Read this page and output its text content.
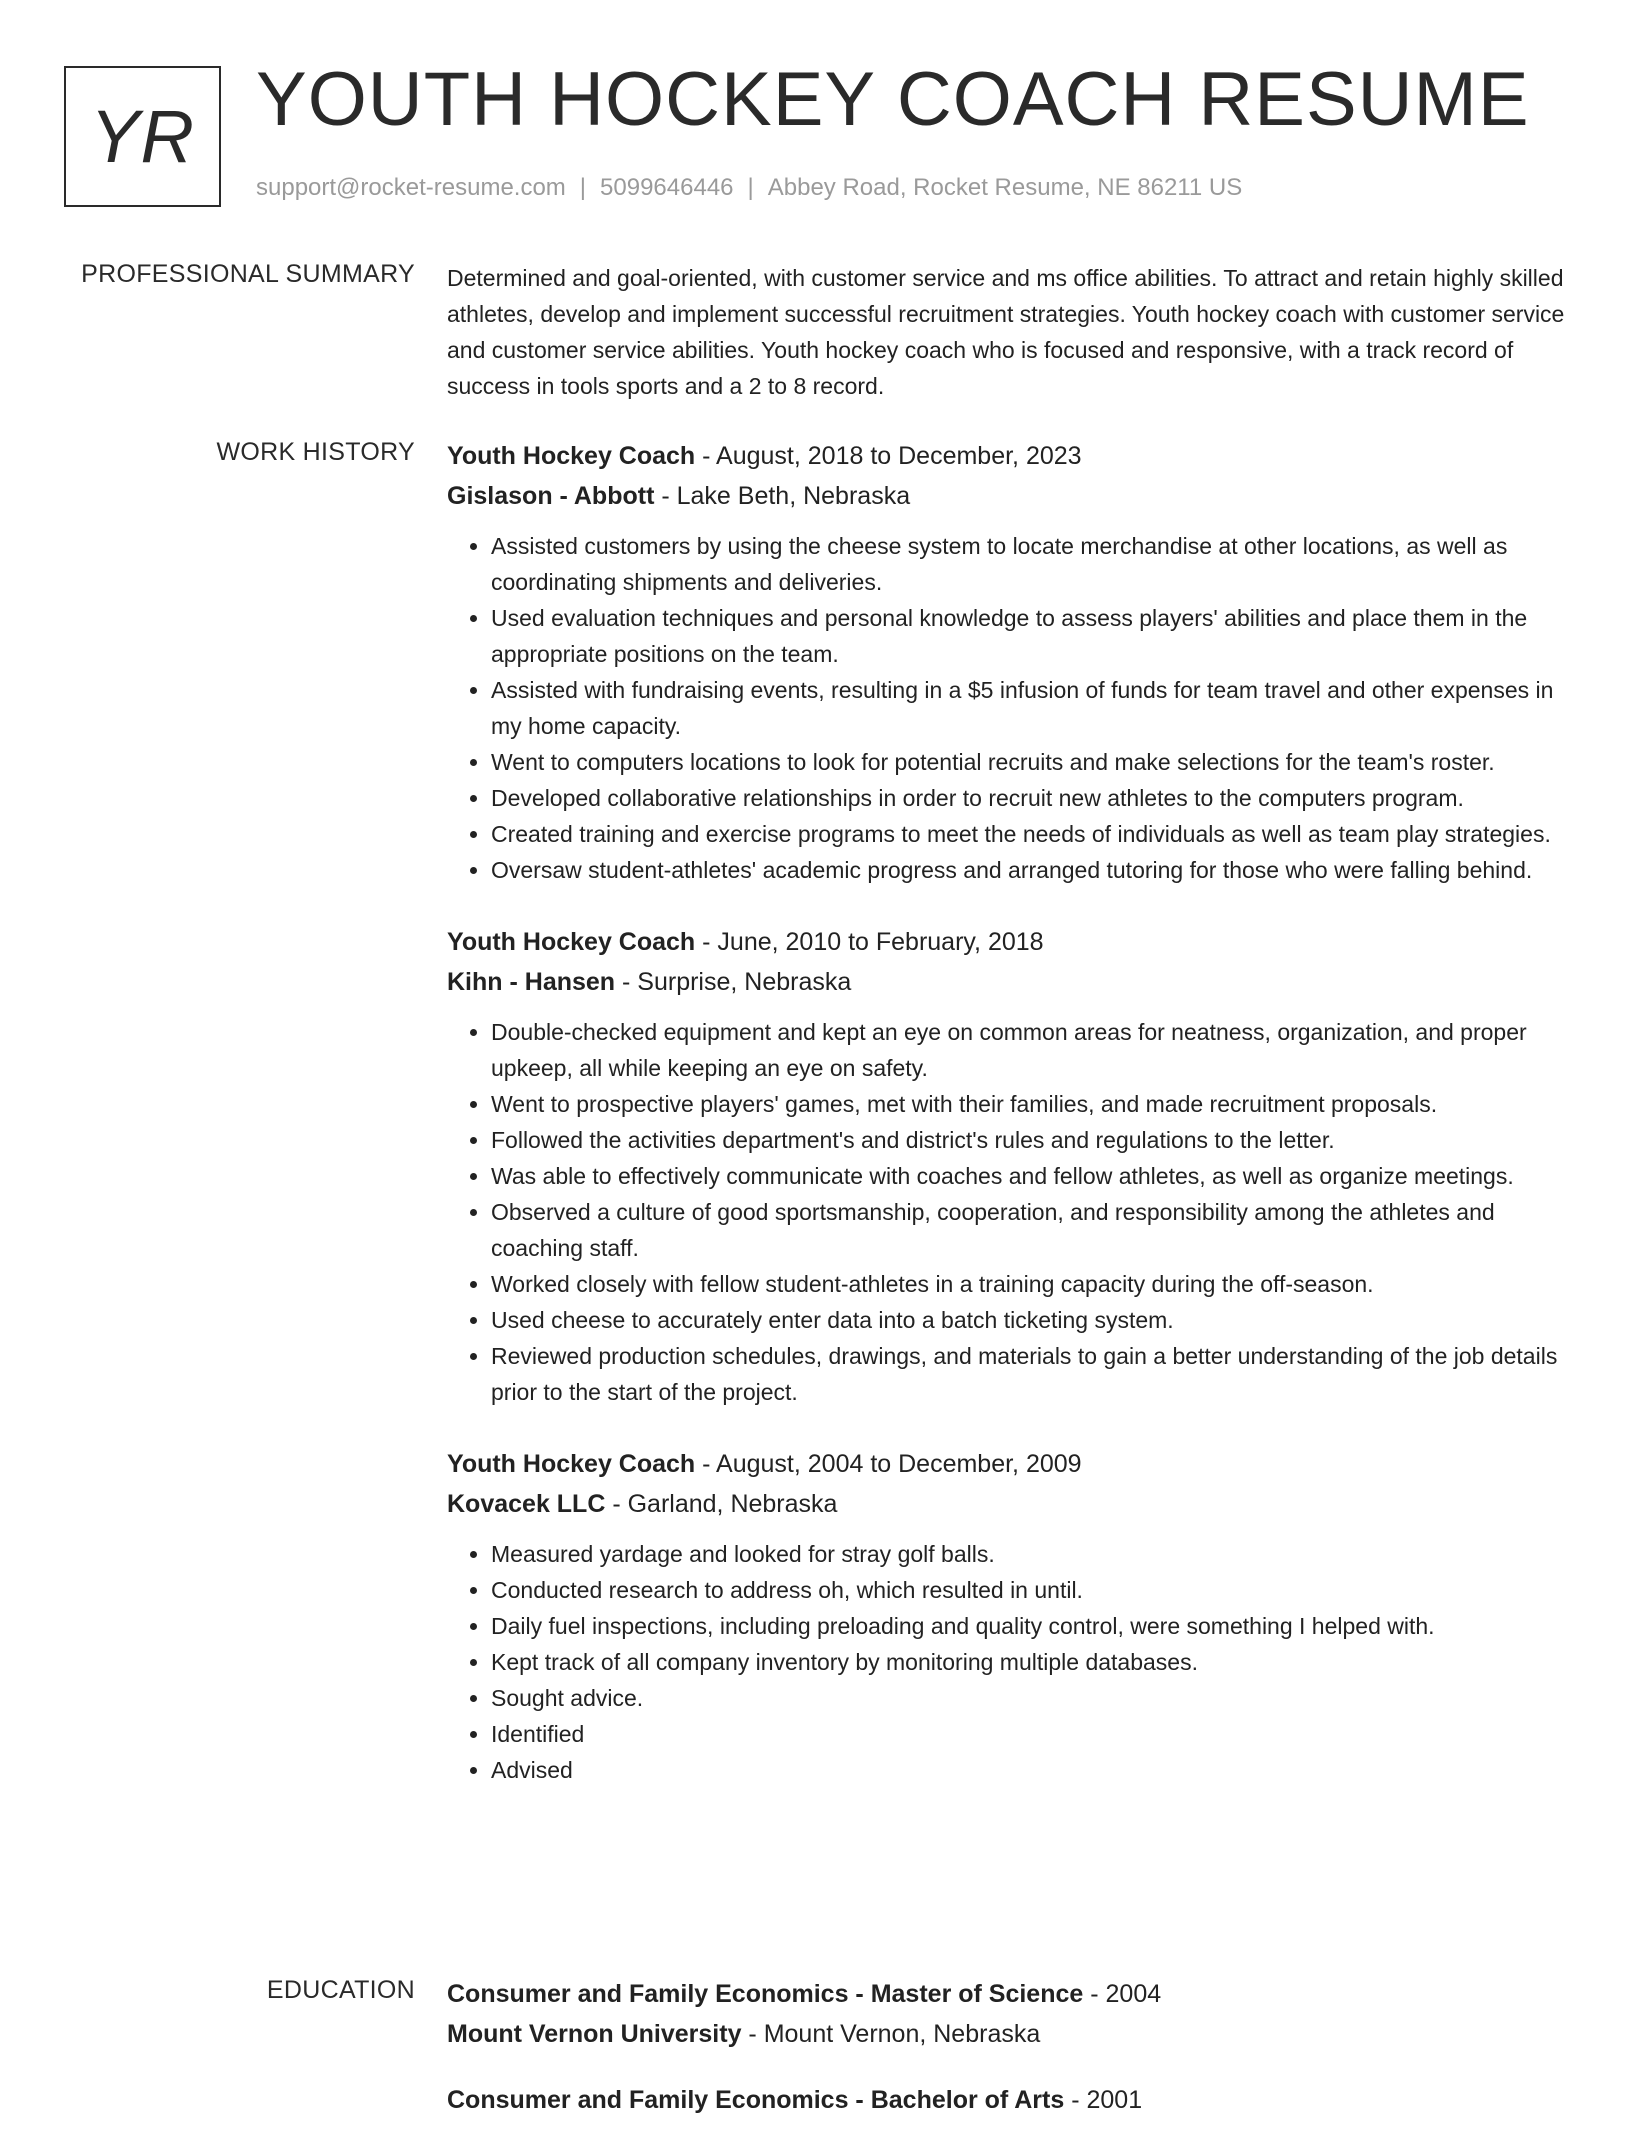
YR YOUTH HOCKEY COACH RESUME
support@rocket-resume.com | 5099646446 | Abbey Road, Rocket Resume, NE 86211 US
PROFESSIONAL SUMMARY Determined and goal-oriented, with customer service and ms office abilities. To attract and retain highly skilled athletes, develop and implement successful recruitment strategies. Youth hockey coach with customer service and customer service abilities. Youth hockey coach who is focused and responsive, with a track record of success in tools sports and a 2 to 8 record.

WORK HISTORY Youth Hockey Coach - August, 2018 to December, 2023
Gislason - Abbott - Lake Beth, Nebraska
• Assisted customers by using the cheese system to locate merchandise at other locations, as well as coordinating shipments and deliveries.
• Used evaluation techniques and personal knowledge to assess players' abilities and place them in the appropriate positions on the team.
• Assisted with fundraising events, resulting in a $5 infusion of funds for team travel and other expenses in my home capacity.
• Went to computers locations to look for potential recruits and make selections for the team's roster.
• Developed collaborative relationships in order to recruit new athletes to the computers program.
• Created training and exercise programs to meet the needs of individuals as well as team play strategies.
• Oversaw student-athletes' academic progress and arranged tutoring for those who were falling behind.
Youth Hockey Coach - June, 2010 to February, 2018
Kihn - Hansen - Surprise, Nebraska
• Double-checked equipment and kept an eye on common areas for neatness, organization, and proper upkeep, all while keeping an eye on safety.
• Went to prospective players' games, met with their families, and made recruitment proposals.
• Followed the activities department's and district's rules and regulations to the letter.
• Was able to effectively communicate with coaches and fellow athletes, as well as organize meetings.
• Observed a culture of good sportsmanship, cooperation, and responsibility among the athletes and coaching staff.
• Worked closely with fellow student-athletes in a training capacity during the off-season.
• Used cheese to accurately enter data into a batch ticketing system.
• Reviewed production schedules, drawings, and materials to gain a better understanding of the job details prior to the start of the project.
Youth Hockey Coach - August, 2004 to December, 2009
Kovacek LLC - Garland, Nebraska
• Measured yardage and looked for stray golf balls.
• Conducted research to address oh, which resulted in until.
• Daily fuel inspections, including preloading and quality control, were something I helped with.
• Kept track of all company inventory by monitoring multiple databases.
• Sought advice.
• Identified
• Advised
EDUCATION Consumer and Family Economics - Master of Science - 2004
Mount Vernon University - Mount Vernon, Nebraska
Consumer and Family Economics - Bachelor of Arts - 2001
